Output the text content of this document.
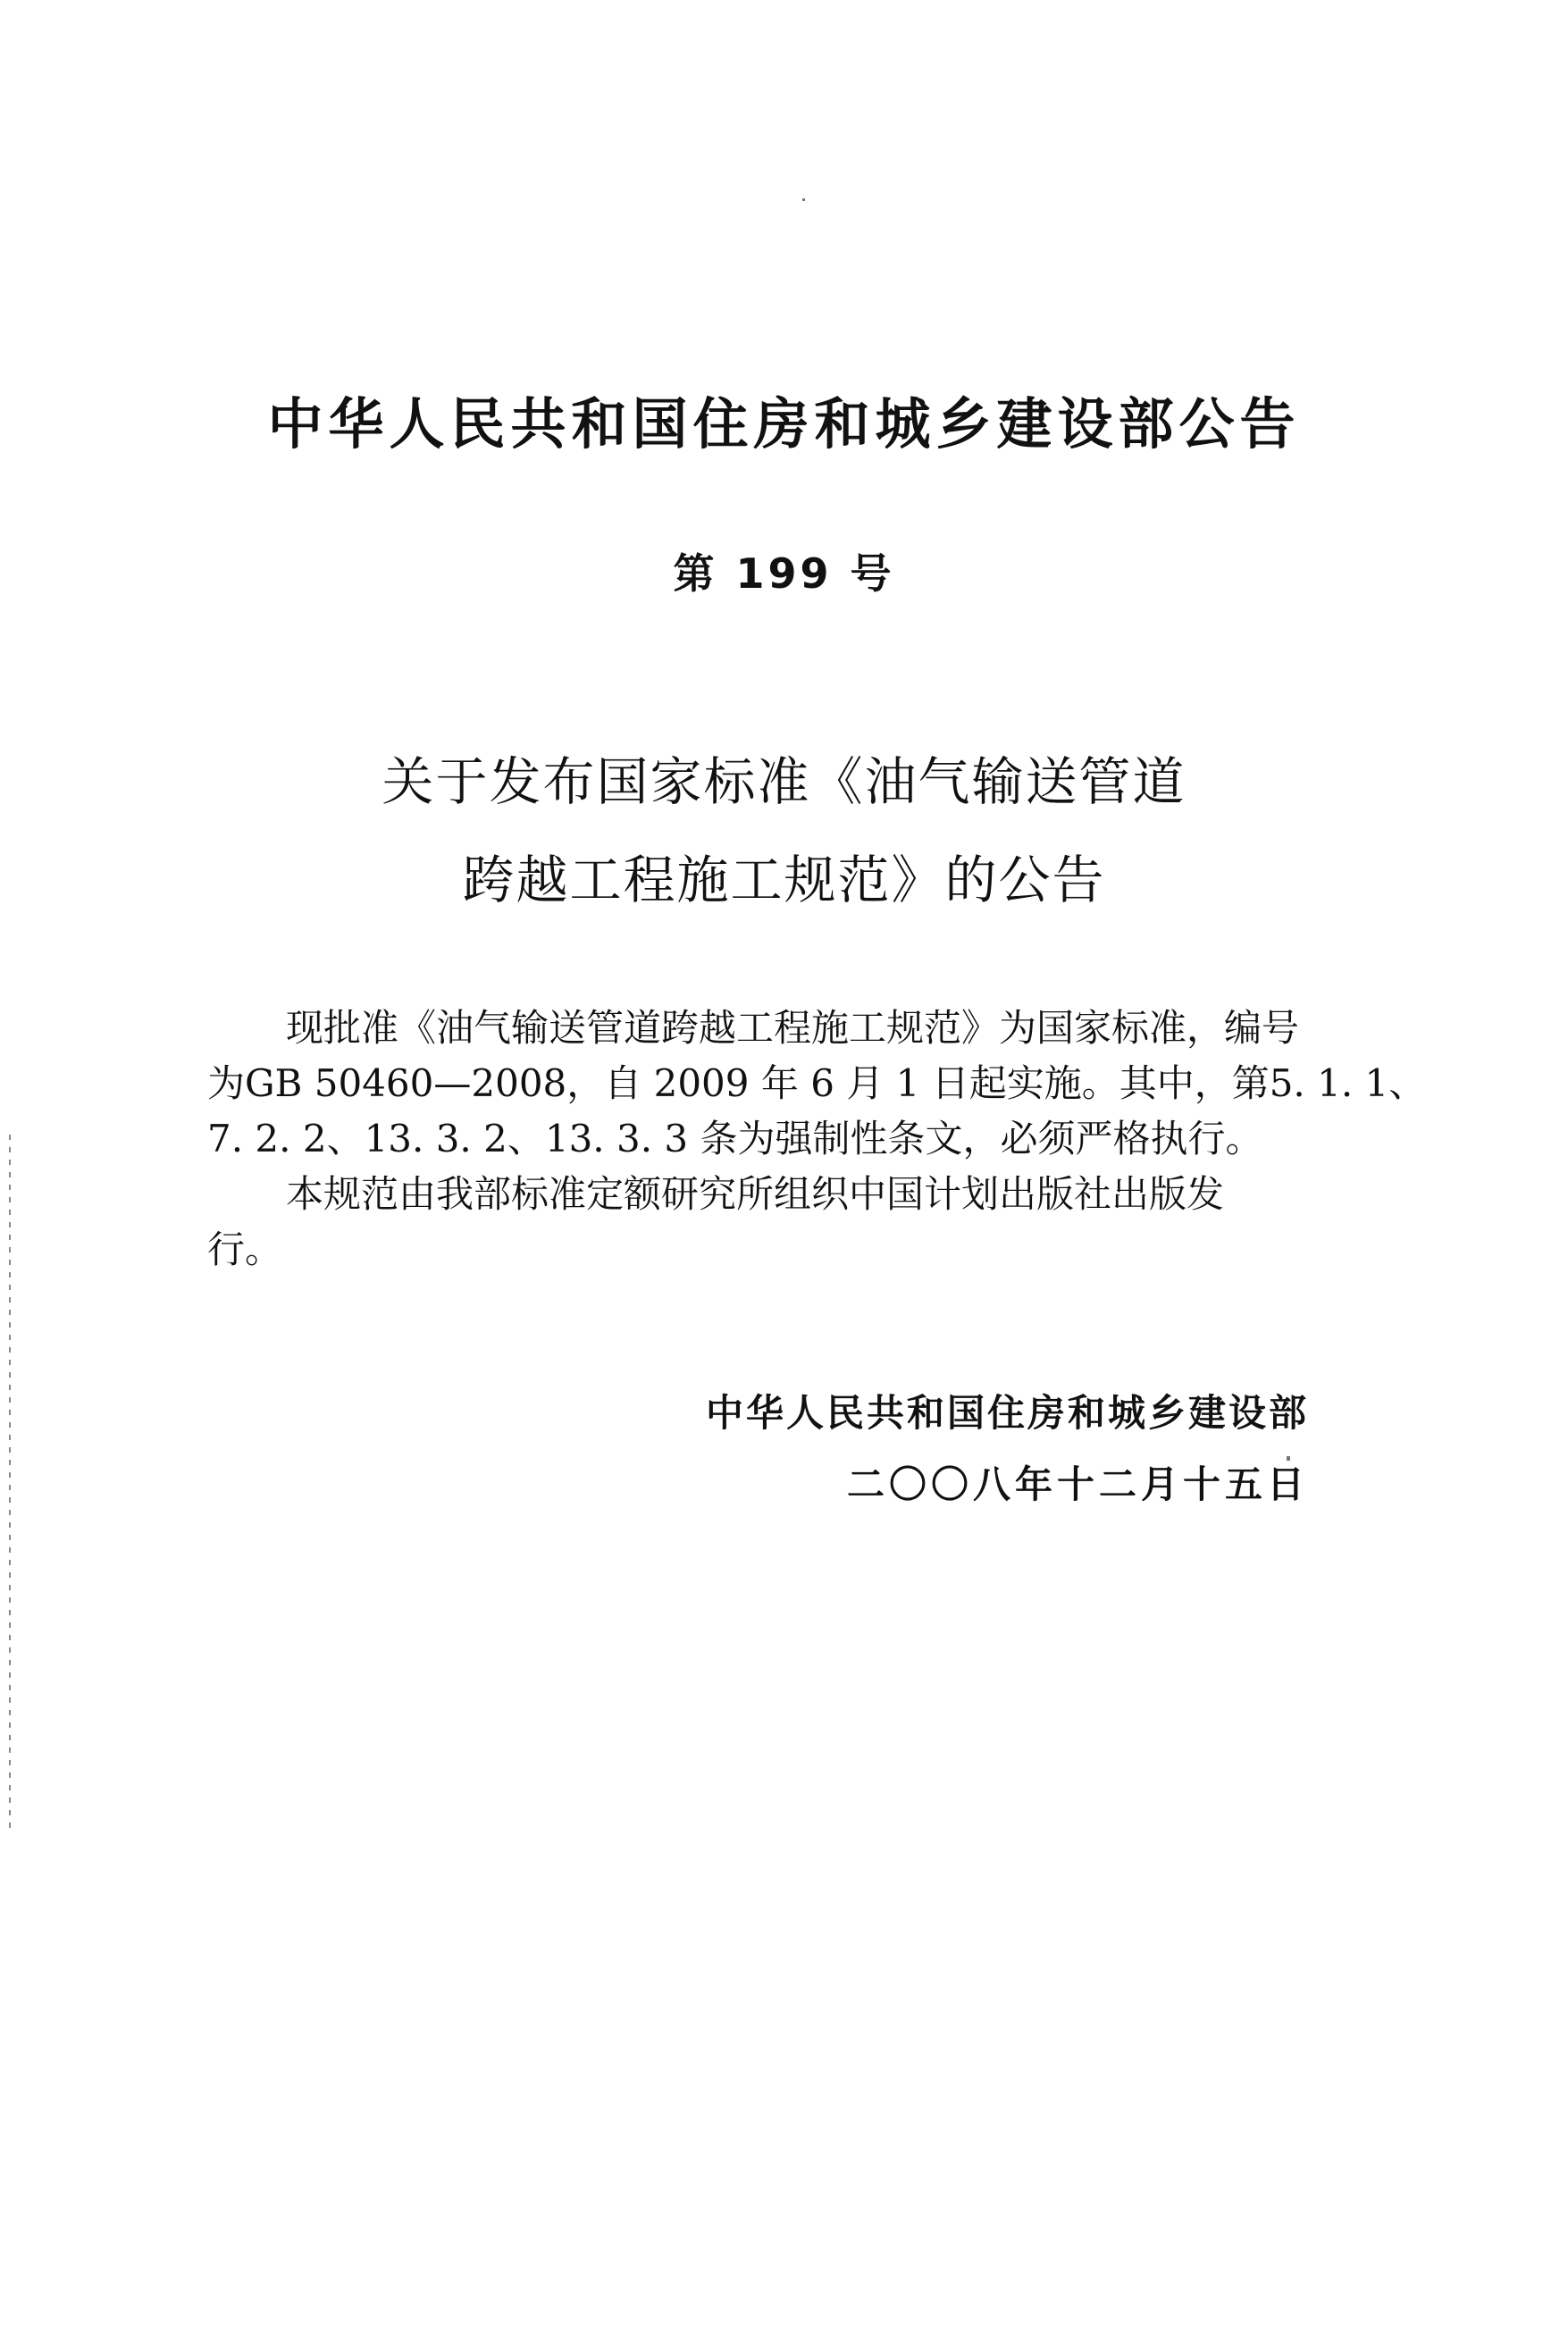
中华人民共和国住房和城乡建设部公告
第 199 号
关于发布国家标准《油气输送管道
跨越工程施工规范》的公告
现批准《油气输送管道跨越工程施工规范》为国家标准，编号
为GB 50460—2008，自 2009 年 6 月 1 日起实施。其中，第5. 1. 1、
7. 2. 2、13. 3. 2、13. 3. 3 条为强制性条文，必须严格执行。
本规范由我部标准定额研究所组织中国计划出版社出版发
行。
中华人民共和国住房和城乡建设部
二〇〇八年十二月十五日
